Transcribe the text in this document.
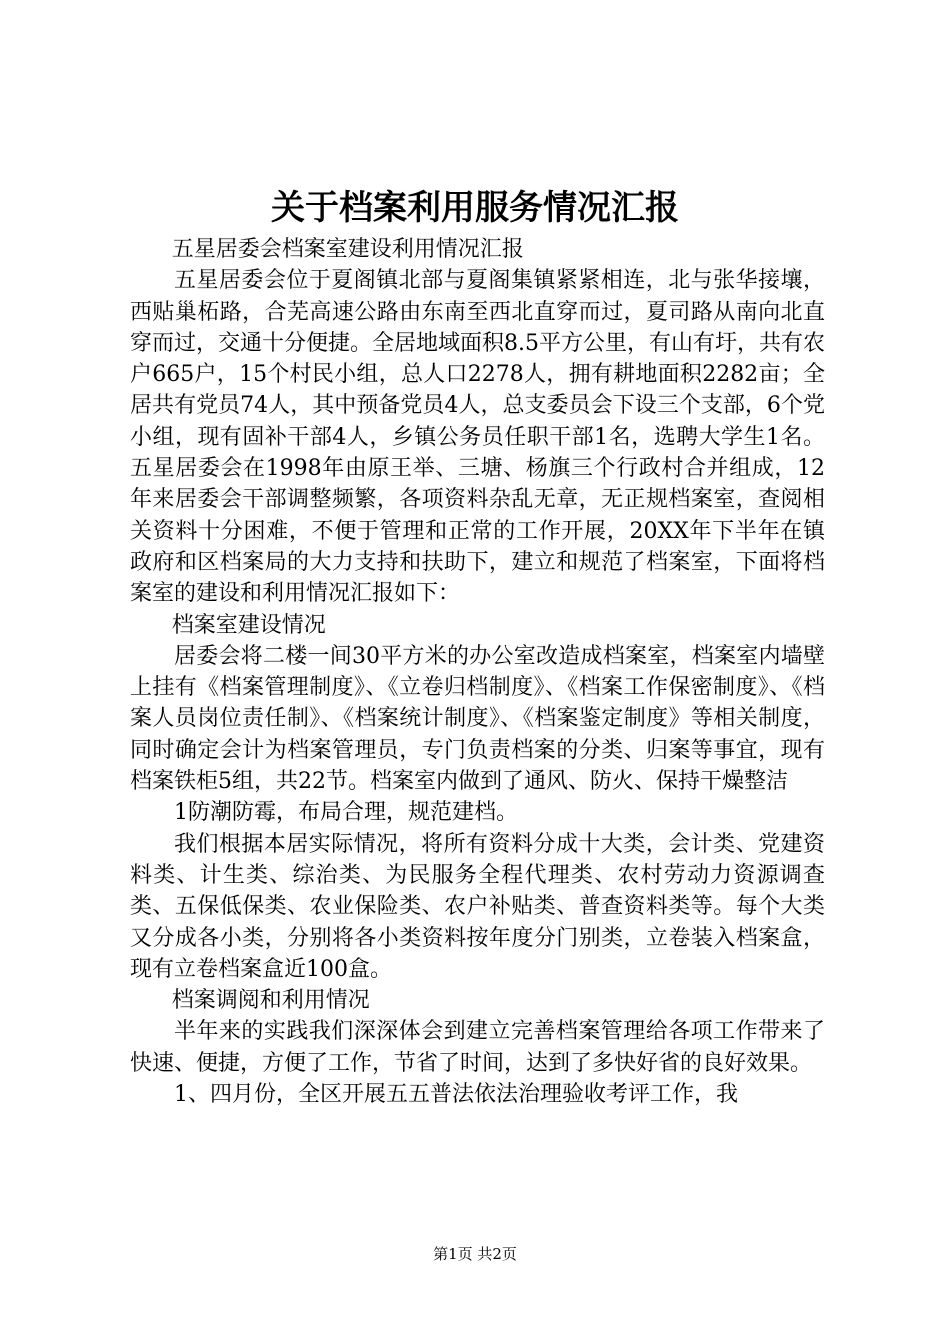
关于档案利用服务情况汇报

五星居委会档案室建设利用情况汇报

五星居委会位于夏阁镇北部与夏阁集镇紧紧相连，北与张华接壤，西贴巢柘路，合芜高速公路由东南至西北直穿而过，夏司路从南向北直穿而过，交通十分便捷。全居地域面积8.5平方公里，有山有圩，共有农户665户，15个村民小组，总人口2278人，拥有耕地面积2282亩；全居共有党员74人，其中预备党员4人，总支委员会下设三个支部，6个党小组，现有固补干部4人，乡镇公务员任职干部1名，选聘大学生1名。五星居委会在1998年由原王举、三塘、杨旗三个行政村合并组成，12年来居委会干部调整频繁，各项资料杂乱无章，无正规档案室，查阅相关资料十分困难，不便于管理和正常的工作开展，20XX年下半年在镇政府和区档案局的大力支持和扶助下，建立和规范了档案室，下面将档案室的建设和利用情况汇报如下：

档案室建设情况

居委会将二楼一间30平方米的办公室改造成档案室，档案室内墙壁上挂有《档案管理制度》、《立卷归档制度》、《档案工作保密制度》、《档案人员岗位责任制》、《档案统计制度》、《档案鉴定制度》等相关制度，同时确定会计为档案管理员，专门负责档案的分类、归案等事宜，现有档案铁柜5组，共22节。档案室内做到了通风、防火、保持干燥整洁

1防潮防霉，布局合理，规范建档。

我们根据本居实际情况，将所有资料分成十大类，会计类、党建资料类、计生类、综治类、为民服务全程代理类、农村劳动力资源调查类、五保低保类、农业保险类、农户补贴类、普查资料类等。每个大类又分成各小类，分别将各小类资料按年度分门别类，立卷装入档案盒，现有立卷档案盒近100盒。

档案调阅和利用情况

半年来的实践我们深深体会到建立完善档案管理给各项工作带来了快速、便捷，方便了工作，节省了时间，达到了多快好省的良好效果。

1、四月份，全区开展五五普法依法治理验收考评工作，我

第1页 共2页
